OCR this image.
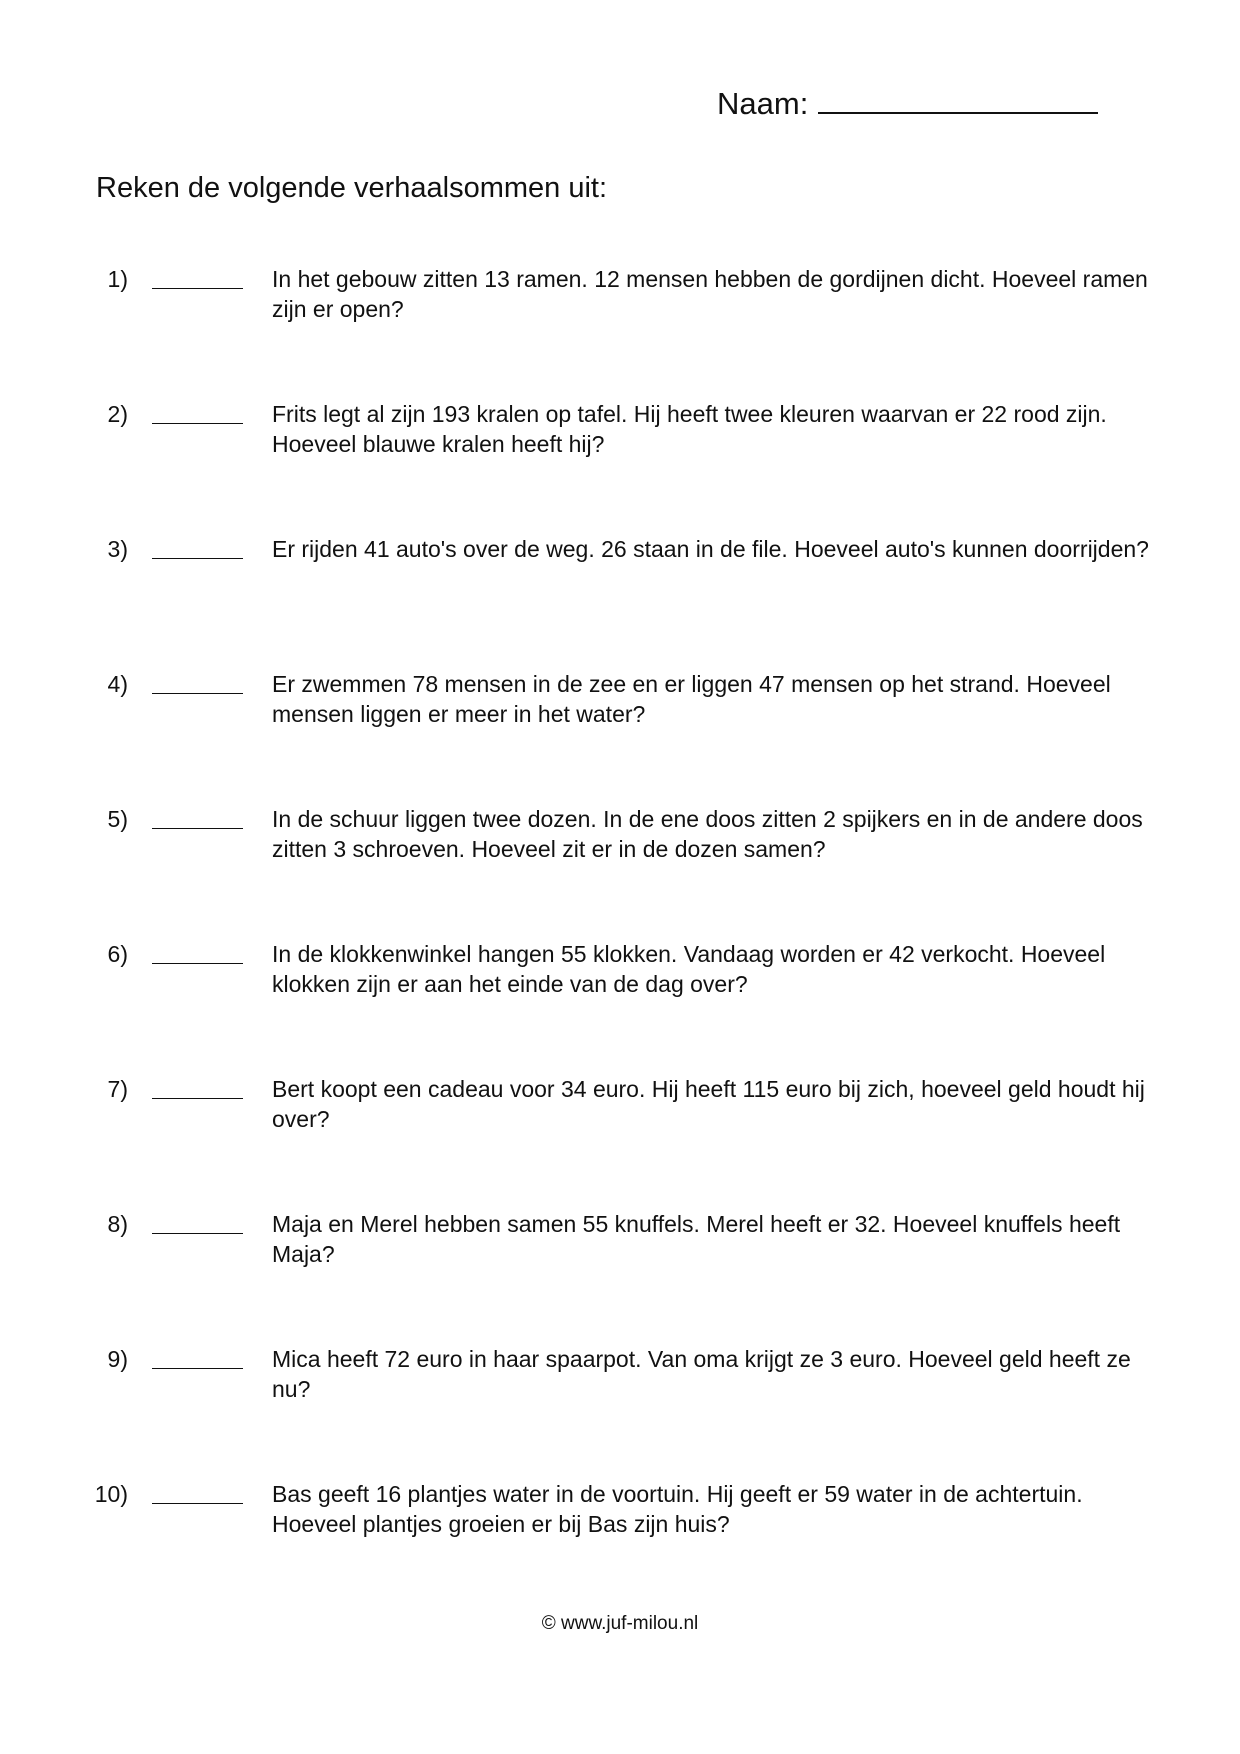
Naam:
Reken de volgende verhaalsommen uit:
1)	In het gebouw zitten 13 ramen. 12 mensen hebben de gordijnen dicht. Hoeveel ramen zijn er open?
2)	Frits legt al zijn 193 kralen op tafel. Hij heeft twee kleuren waarvan er 22 rood zijn. Hoeveel blauwe kralen heeft hij?
3)	Er rijden 41 auto's over de weg. 26 staan in de file. Hoeveel auto's kunnen doorrijden?
4)	Er zwemmen 78 mensen in de zee en er liggen 47 mensen op het strand. Hoeveel mensen liggen er meer in het water?
5)	In de schuur liggen twee dozen. In de ene doos zitten 2 spijkers en in de andere doos zitten 3 schroeven. Hoeveel zit er in de dozen samen?
6)	In de klokkenwinkel hangen 55 klokken. Vandaag worden er 42 verkocht. Hoeveel klokken zijn er aan het einde van de dag over?
7)	Bert koopt een cadeau voor 34 euro. Hij heeft 115 euro bij zich, hoeveel geld houdt hij over?
8)	Maja en Merel hebben samen 55 knuffels. Merel heeft er 32. Hoeveel knuffels heeft Maja?
9)	Mica heeft 72 euro in haar spaarpot. Van oma krijgt ze 3 euro. Hoeveel geld heeft ze nu?
10)	Bas geeft 16 plantjes water in de voortuin. Hij geeft er 59 water in de achtertuin. Hoeveel plantjes groeien er bij Bas zijn huis?
© www.juf-milou.nl
